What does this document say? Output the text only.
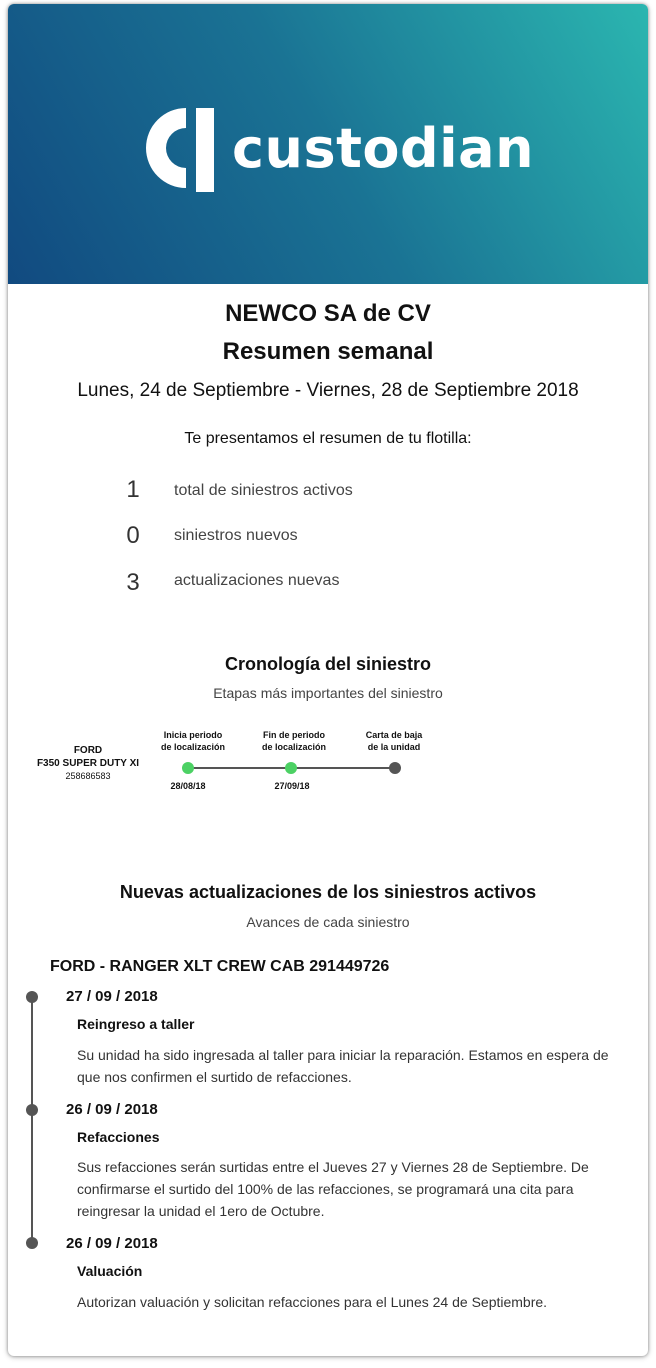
custodian
NEWCO SA de CV
Resumen semanal
Lunes, 24 de Septiembre - Viernes, 28 de Septiembre 2018
Te presentamos el resumen de tu flotilla:
1	total de siniestros activos
0	siniestros nuevos
3	actualizaciones nuevas
Cronología del siniestro
Etapas más importantes del siniestro
FORD
F350 SUPER DUTY XI
258686583
Inicia periodo
de localización
28/08/18
Fin de periodo
de localización
27/09/18
Carta de baja
de la unidad
Nuevas actualizaciones de los siniestros activos
Avances de cada siniestro
FORD - RANGER XLT CREW CAB 291449726
27 / 09 / 2018
Reingreso a taller
Su unidad ha sido ingresada al taller para iniciar la reparación. Estamos en espera de que nos confirmen el surtido de refacciones.
26 / 09 / 2018
Refacciones
Sus refacciones serán surtidas entre el Jueves 27 y Viernes 28 de Septiembre. De confirmarse el surtido del 100% de las refacciones, se programará una cita para reingresar la unidad el 1ero de Octubre.
26 / 09 / 2018
Valuación
Autorizan valuación y solicitan refacciones para el Lunes 24 de Septiembre.
